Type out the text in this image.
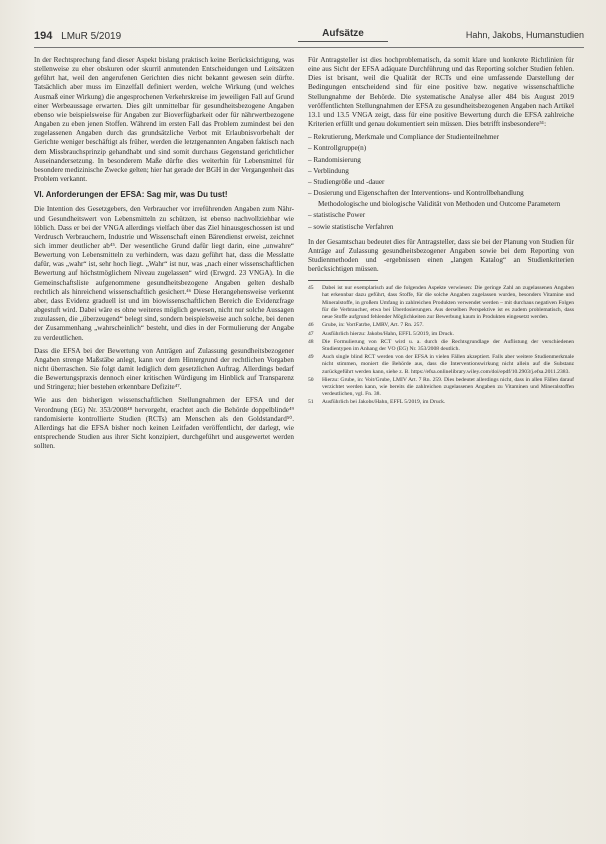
194 LMuR 5/2019	Aufsätze	Hahn, Jakobs, Humanstudien

In der Rechtsprechung fand dieser Aspekt bislang praktisch keine Berücksichtigung, was stellenweise zu eher obskuren oder skurril anmutenden Entscheidungen und Leitsätzen geführt hat, weil den angerufenen Gerichten dies nicht bekannt gewesen sein dürfte. Tatsächlich aber muss im Einzelfall definiert werden, welche Wirkung (und welches Ausmaß einer Wirkung) die angesprochenen Verkehrskreise im jeweiligen Fall auf Grund einer Werbeaussage erwarten. Dies gilt unmittelbar für gesundheitsbezogene Angaben ebenso wie beispielsweise für Angaben zur Bioverfügbarkeit oder für nährwertbezogene Angaben zu eben jenen Stoffen. Während im ersten Fall das Problem zumindest bei den zugelassenen Angaben durch das grundsätzliche Verbot mit Erlaubnisvorbehalt der Gerichte weniger beschäftigt als früher, werden die letztgenannten Angaben faktisch nach dem Missbrauchsprinzip gehandhabt und sind somit durchaus Gegenstand gerichtlicher Auseinandersetzung. In besonderem Maße dürfte dies weiterhin für Lebensmittel für besondere medizinische Zwecke gelten; hier hat gerade der BGH in der Vergangenheit das Problem verkannt.

VI. Anforderungen der EFSA: Sag mir, was Du tust!

Die Intention des Gesetzgebers, den Verbraucher vor irreführenden Angaben zum Nähr- und Gesundheitswert von Lebensmitteln zu schützen, ist ebenso nachvollziehbar wie löblich. Dass er bei der VNGA allerdings vielfach über das Ziel hinausgeschossen ist und Verdrusch Verbrauchern, Industrie und Wissenschaft einen Bärendienst erweist, zeichnet sich immer deutlicher ab⁴⁵. Der wesentliche Grund dafür liegt darin, eine „unwahre“ Bewertung von Lebensmitteln zu verhindern, was dazu geführt hat, dass die Messlatte dafür, was „wahr“ ist, sehr hoch liegt. „Wahr“ ist nur, was „nach einer wissenschaftlichen Bewertung auf höchstmöglichem Niveau zugelassen“ wird (Erwgrd. 23 VNGA). In die Gemeinschaftsliste aufgenommene gesundheitsbezogene Angaben gelten deshalb rechtlich als hinreichend wissenschaftlich gesichert.⁴⁶ Diese Herangehensweise verkennt aber, dass Evidenz graduell ist und im biowissenschaftlichen Bereich die Evidenzfrage abgestuft wird. Dabei wäre es ohne weiteres möglich gewesen, nicht nur solche Aussagen zuzulassen, die „überzeugend“ belegt sind, sondern beispielsweise auch solche, bei denen der Zusammenhang „wahrscheinlich“ besteht, und dies in der Formulierung der Angabe zu verdeutlichen.

Dass die EFSA bei der Bewertung von Anträgen auf Zulassung gesundheitsbezogener Angaben strenge Maßstäbe anlegt, kann vor dem Hintergrund der rechtlichen Vorgaben nicht überraschen. Sie folgt damit lediglich dem gesetzlichen Auftrag. Allerdings bedarf die Bewertungspraxis dennoch einer kritischen Würdigung im Hinblick auf Transparenz und Stringenz; hier bestehen erkennbare Defizite⁴⁷.

Wie aus den bisherigen wissenschaftlichen Stellungnahmen der EFSA und der Verordnung (EG) Nr. 353/2008⁴⁸ hervorgeht, erachtet auch die Behörde doppelblinde⁴⁹ randomisierte kontrollierte Studien (RCTs) am Menschen als den Goldstandard⁵⁰. Allerdings hat die EFSA bisher noch keinen Leitfaden veröffentlicht, der darlegt, wie entsprechende Studien aus ihrer Sicht konzipiert, durchgeführt und ausgewertet werden sollten.

Für Antragsteller ist dies hochproblematisch, da somit klare und konkrete Richtlinien für eine aus Sicht der EFSA adäquate Durchführung und das Reporting solcher Studien fehlen. Dies ist brisant, weil die Qualität der RCTs und eine umfassende Darstellung der Bedingungen entscheidend sind für eine positive bzw. negative wissenschaftliche Stellungnahme der Behörde. Die systematische Analyse aller 484 bis August 2019 veröffentlichten Stellungnahmen der EFSA zu gesundheitsbezogenen Angaben nach Artikel 13.1 und 13.5 VNGA zeigt, dass für eine positive Bewertung durch die EFSA zahlreiche Kriterien erfüllt und genau dokumentiert sein müssen. Dies betrifft insbesondere⁵¹:

– Rekrutierung, Merkmale und Compliance der Studienteilnehmer
– Kontrollgruppe(n)
– Randomisierung
– Verblindung
– Studiengröße und -dauer
– Dosierung und Eigenschaften der Interventions- und Kontrollbehandlung
Methodologische und biologische Validität von Methoden und Outcome Parametern
– statistische Power
– sowie statistische Verfahren

In der Gesamtschau bedeutet dies für Antragsteller, dass sie bei der Planung von Studien für Anträge auf Zulassung gesundheitsbezogener Angaben sowie bei dem Reporting von Studienmethoden und -ergebnissen einen „langen Katalog“ an Studienkriterien berücksichtigen müssen.

45	Dabei ist nur exemplarisch auf die folgenden Aspekte verwiesen: Die geringe Zahl an zugelassenen Angaben hat erkennbar dazu geführt, dass Stoffe, für die solche Angaben zugelassen wurden, besonders Vitamine und Mineralstoffe, in großem Umfang in zahlreichen Produkten verwendet werden – mit durchaus negativen Folgen für die Verbraucher, etwa bei Überdosierungen. Aus derselben Perspektive ist es zudem problematisch, dass neue Stoffe aufgrund fehlender Möglichkeiten zur Bewerbung kaum in Produkten eingesetzt werden.
46	Grube, in: VortFatrbe, LMRV, Art. 7 Rn. 257.
47	Ausführlich hierzu: Jakobs/Hahn, EFFL 5/2019, im Druck.
48	Die Formulierung von RCT wird u. a. durch die Rechtsgrundlage der Auflistung der verschiedenen Studientypen im Anhang der VO (EG) Nr. 353/2008 deutlich.
49	Auch single blind RCT werden von der EFSA in vielen Fällen akzeptiert. Falls aber weitere Studienmerkmale nicht stimmen, moniert die Behörde aus, dass die Interventionswirkung nicht allein auf die Substanz zurückgeführt werden kann, siehe z. B. https://efsa.onlinelibrary.wiley.com/doi/epdf/10.2903/j.efsa.2011.2383.
50	Hierzu: Grube, in: Voit/Grube, LMIV Art. 7 Rn. 259. Dies bedeutet allerdings nicht, dass in allen Fällen darauf verzichtet werden kann, wie bereits die zahlreichen zugelassenen Angaben zu Vitaminen und Mineralstoffen verdeutlichen, vgl. Fn. 38.
51	Ausführlich bei Jakobs/Hahn, EFFL 5/2019, im Druck.
